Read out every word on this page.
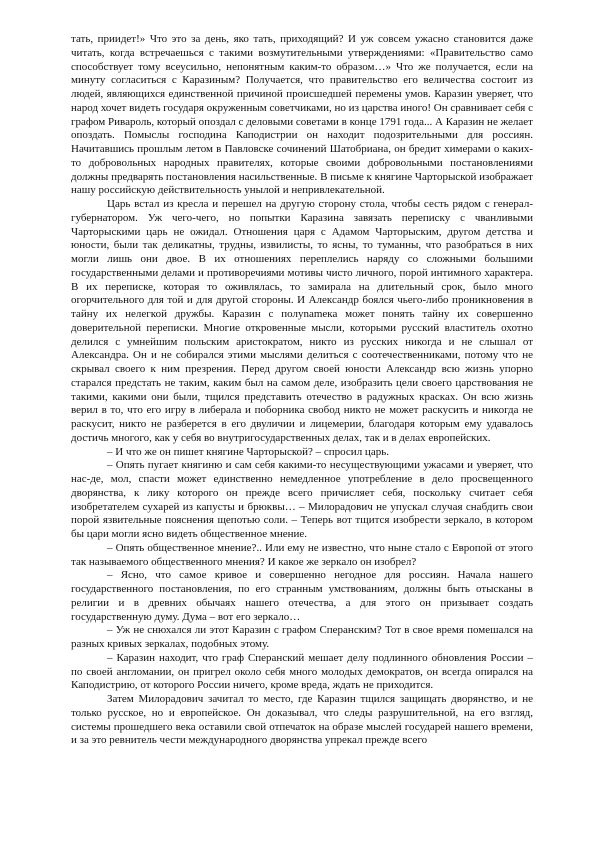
тать, приидет!» Что это за день, яко тать, приходящий? И уж совсем ужасно становится даже читать, когда встречаешься с такими возмутительными утверждениями: «Правительство само способствует тому всеусильно, непонятным каким-то образом…» Что же получается, если на минуту согласиться с Каразиным? Получается, что правительство его величества состоит из людей, являющихся единственной причиной происшедшей перемены умов. Каразин уверяет, что народ хочет видеть государя окруженным советчиками, но из царства иного! Он сравнивает себя с графом Ривароль, который опоздал с деловыми советами в конце 1791 года... А Каразин не желает опоздать. Помыслы господина Каподистрии он находит подозрительными для россиян. Начитавшись прошлым летом в Павловске сочинений Шатобриана, он бредит химерами о каких-то добровольных народных правителях, которые своими добровольными постановлениями должны предварять постановления насильственные. В письме к княгине Чарторыской изображает нашу российскую действительность унылой и непривлекательной.

Царь встал из кресла и перешел на другую сторону стола, чтобы сесть рядом с генерал-губернатором. Уж чего-чего, но попытки Каразина завязать переписку с чванливыми Чарторыскими царь не ожидал. Отношения царя с Адамом Чарторыским, другом детства и юности, были так деликатны, трудны, извилисты, то ясны, то туманны, что разобраться в них могли лишь они двое. В их отношениях переплелись наряду со сложными большими государственными делами и противоречиями мотивы чисто личного, порой интимного характера. В их переписке, которая то оживлялась, то замирала на длительный срок, было много огорчительного для той и для другой стороны. И Александр боялся чьего-либо проникновения в тайну их нелегкой дружбы. Каразин с полуnamека может понять тайну их совершенно доверительной переписки. Многие откровенные мысли, которыми русский властитель охотно делился с умнейшим польским аристократом, никто из русских никогда и не слышал от Александра. Он и не собирался этими мыслями делиться с соотечественниками, потому что не скрывал своего к ним презрения. Перед другом своей юности Александр всю жизнь упорно старался предстать не таким, каким был на самом деле, изобразить цели своего царствования не такими, какими они были, тщился представить отечество в радужных красках. Он всю жизнь верил в то, что его игру в либерала и поборника свобод никто не может раскусить и никогда не раскусит, никто не разберется в его двуличии и лицемерии, благодаря которым ему удавалось достичь многого, как у себя во внутригосударственных делах, так и в делах европейских.

– И что же он пишет княгине Чарторыской? – спросил царь.

– Опять пугает княгиню и сам себя какими-то несуществующими ужасами и уверяет, что нас-де, мол, спасти может единственно немедленное употребление в дело просвещенного дворянства, к лику которого он прежде всего причисляет себя, поскольку считает себя изобретателем сухарей из капусты и брюквы… – Милорадович не упускал случая снабдить свои порой язвительные пояснения щепотью соли. – Теперь вот тщится изобрести зеркало, в котором бы цари могли ясно видеть общественное мнение.

– Опять общественное мнение?.. Или ему не известно, что ныне стало с Европой от этого так называемого общественного мнения? И какое же зеркало он изобрел?

– Ясно, что самое кривое и совершенно негодное для россиян. Начала нашего государственного постановления, по его странным умствованиям, должны быть отысканы в религии и в древних обычаях нашего отечества, а для этого он призывает создать государственную думу. Дума – вот его зеркало…

– Уж не снюхался ли этот Каразин с графом Сперанским? Тот в свое время помешался на разных кривых зеркалах, подобных этому.

– Каразин находит, что граф Сперанский мешает делу подлинного обновления России – по своей англомании, он пригрел около себя много молодых демократов, он всегда опирался на Каподистрию, от которого России ничего, кроме вреда, ждать не приходится.

Затем Милорадович зачитал то место, где Каразин тщился защищать дворянство, и не только русское, но и европейское. Он доказывал, что следы разрушительной, на его взгляд, системы прошедшего века оставили свой отпечаток на образе мыслей государей нашего времени, и за это ревнитель чести международного дворянства упрекал прежде всего
